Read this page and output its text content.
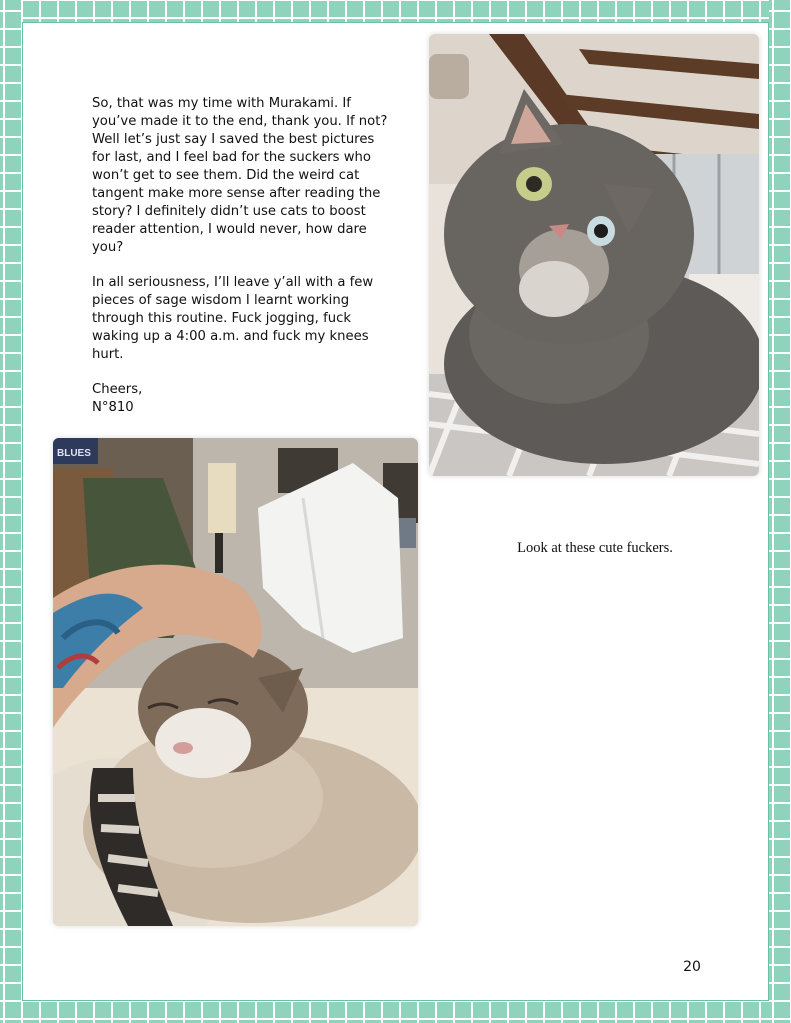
So, that was my time with Murakami. If you’ve made it to the end, thank you. If not? Well let’s just say I saved the best pictures for last, and I feel bad for the suckers who won’t get to see them. Did the weird cat tangent make more sense after reading the story? I definitely didn’t use cats to boost reader attention, I would never, how dare you?

In all seriousness, I’ll leave y’all with a few pieces of sage wisdom I learnt working through this routine. Fuck jogging, fuck waking up a 4:00 a.m. and fuck my knees hurt.

Cheers,

N°810

BLUES
Look at these cute fuckers.
20
